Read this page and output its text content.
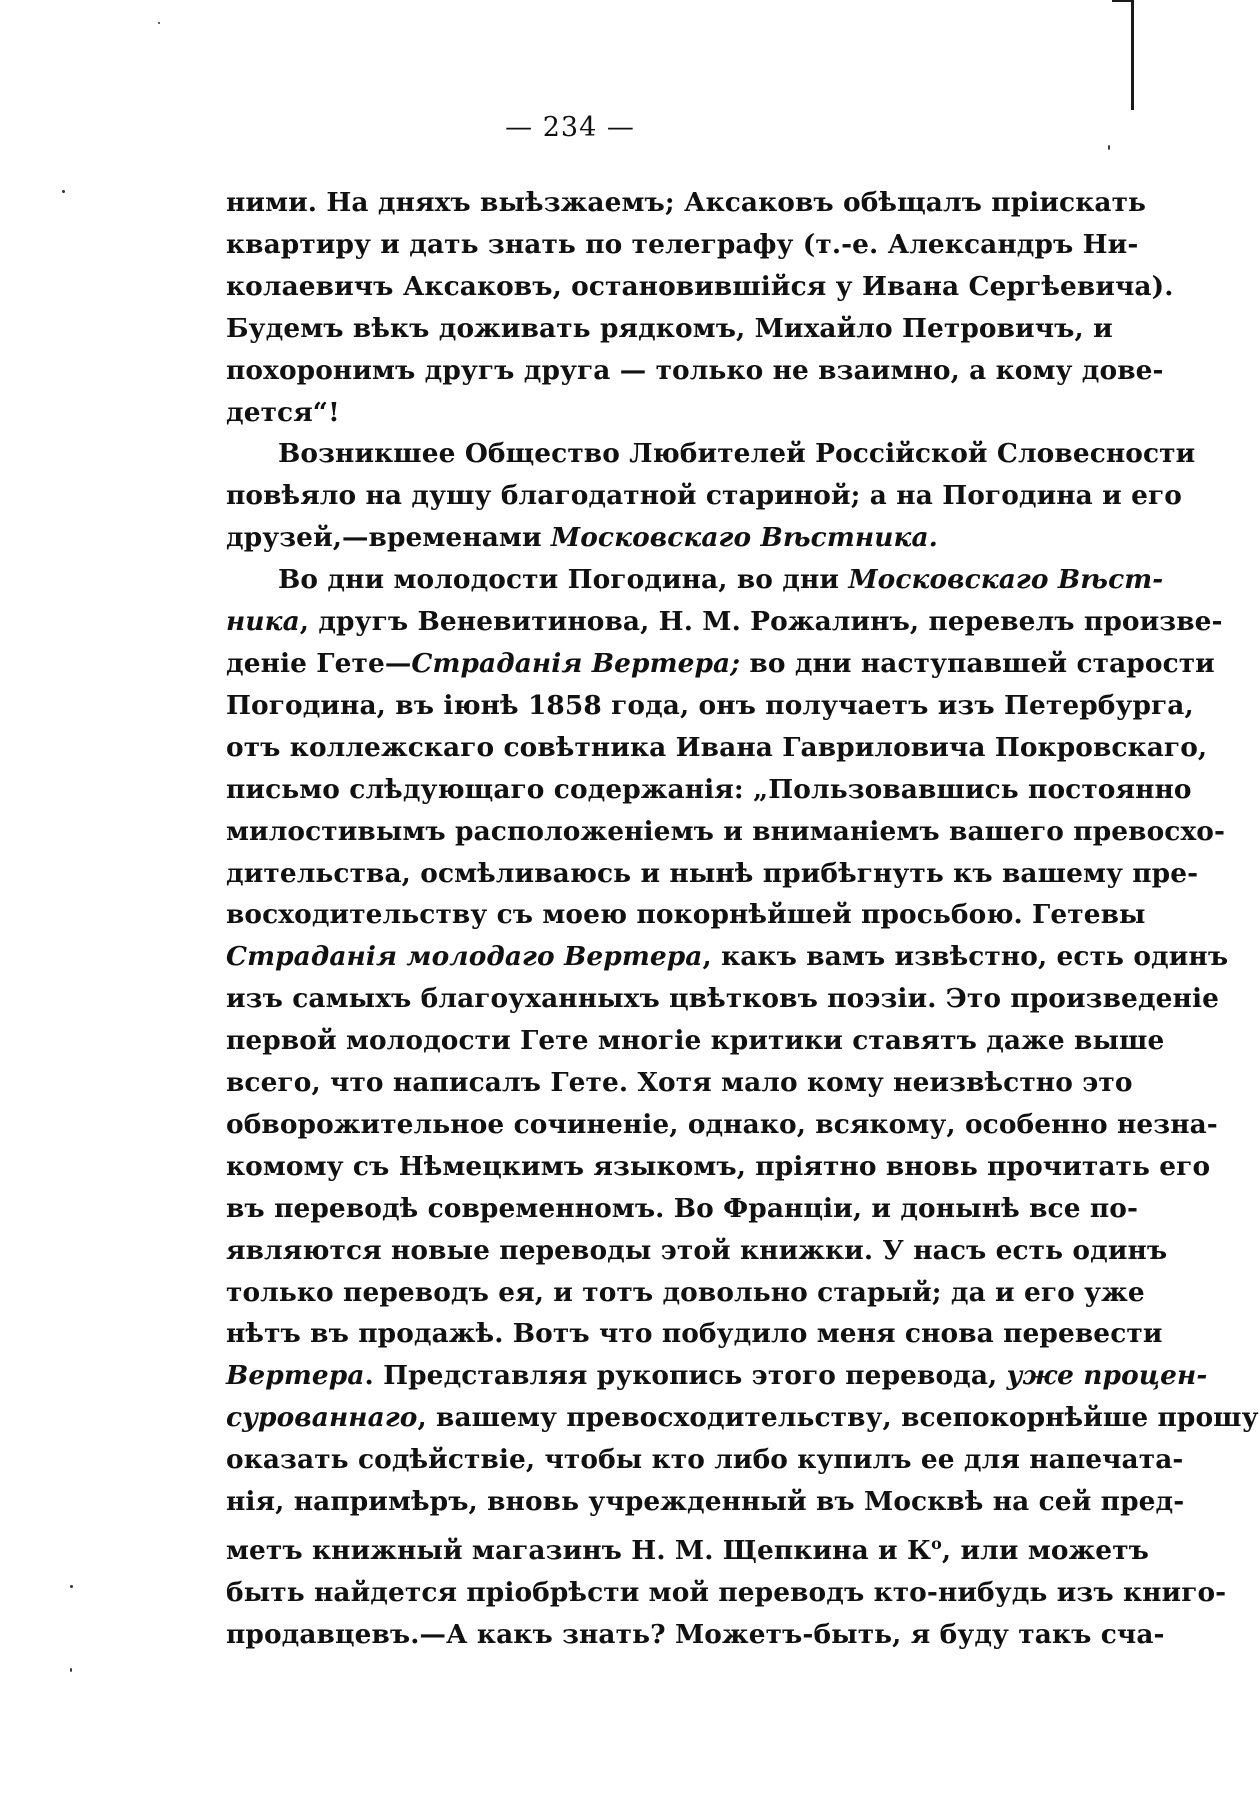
— 234 —

ними. На дняхъ выѣзжаемъ; Аксаковъ обѣщалъ пріискать
квартиру и дать знать по телеграфу (т.-е. Александръ Ни-
колаевичъ Аксаковъ, остановившійся у Ивана Сергѣевича).
Будемъ вѣкъ доживать рядкомъ, Михайло Петровичъ, и
похоронимъ другъ друга — только не взаимно, а кому дове-
дется“!

Возникшее Общество Любителей Россійской Словесности
повѣяло на душу благодатной стариной; а на Погодина и его
друзей,—временами Московскаго Вѣстника.

Во дни молодости Погодина, во дни Московскаго Вѣст-
ника, другъ Веневитинова, Н. М. Рожалинъ, перевелъ произве-
деніе Гете—Страданія Вертера; во дни наступавшей старости
Погодина, въ іюнѣ 1858 года, онъ получаетъ изъ Петербурга,
отъ коллежскаго совѣтника Ивана Гавриловича Покровскаго,
письмо слѣдующаго содержанія: „Пользовавшись постоянно
милостивымъ расположеніемъ и вниманіемъ вашего превосхо-
дительства, осмѣливаюсь и нынѣ прибѣгнуть къ вашему пре-
восходительству съ моею покорнѣйшей просьбою. Гетевы
Страданія молодаго Вертера, какъ вамъ извѣстно, есть одинъ
изъ самыхъ благоуханныхъ цвѣтковъ поэзіи. Это произведеніе
первой молодости Гете многіе критики ставятъ даже выше
всего, что написалъ Гете. Хотя мало кому неизвѣстно это
обворожительное сочиненіе, однако, всякому, особенно незна-
комому съ Нѣмецкимъ языкомъ, пріятно вновь прочитать его
въ переводѣ современномъ. Во Франціи, и донынѣ все по-
являются новые переводы этой книжки. У насъ есть одинъ
только переводъ ея, и тотъ довольно старый; да и его уже
нѣтъ въ продажѣ. Вотъ что побудило меня снова перевести
Вертера. Представляя рукопись этого перевода, уже процен-
сурованнаго, вашему превосходительству, всепокорнѣйше прошу
оказать содѣйствіе, чтобы кто либо купилъ ее для напечата-
нія, напримѣръ, вновь учрежденный въ Москвѣ на сей пред-
метъ книжный магазинъ Н. М. Щепкина и $К^о$, или можетъ
быть найдется пріобрѣсти мой переводъ кто-нибудь изъ книго-
продавцевъ.—А какъ знать? Можетъ-быть, я буду такъ сча-
